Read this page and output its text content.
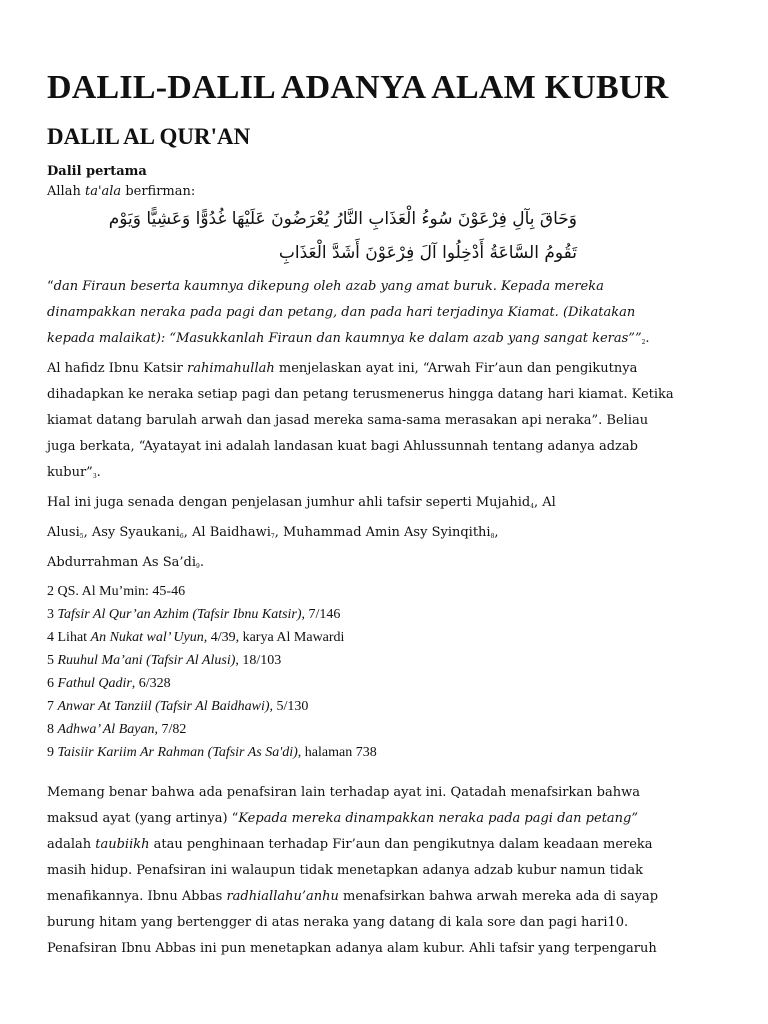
DALIL-DALIL ADANYA ALAM KUBUR
DALIL AL QUR'AN
Dalil pertama
Allah ta'ala berfirman:
وَحَاقَ بِآلِ فِرْعَوْنَ سُوءُ الْعَذَابِ النَّارُ يُعْرَضُونَ عَلَيْهَا غُدُوًّا وَعَشِيًّا وَيَوْم
تَقُومُ السَّاعَةُ أَدْخِلُوا آلَ فِرْعَوْنَ أَشَدَّ الْعَذَابِ
“dan Firaun beserta kaumnya dikepung oleh azab yang amat buruk. Kepada mereka dinampakkan neraka pada pagi dan petang, dan pada hari terjadinya Kiamat. (Dikatakan kepada malaikat): “Masukkanlah Firaun dan kaumnya ke dalam azab yang sangat keras””2.
Al hafidz Ibnu Katsir rahimahullah menjelaskan ayat ini, “Arwah Fir’aun dan pengikutnya dihadapkan ke neraka setiap pagi dan petang terusmenerus hingga datang hari kiamat. Ketika kiamat datang barulah arwah dan jasad mereka sama-sama merasakan api neraka”. Beliau juga berkata, “Ayatayat ini adalah landasan kuat bagi Ahlussunnah tentang adanya adzab kubur”3.
Hal ini juga senada dengan penjelasan jumhur ahli tafsir seperti Mujahid4, Al
Alusi5, Asy Syaukani6, Al Baidhawi7, Muhammad Amin Asy Syinqithi8,
Abdurrahman As Sa’di9.
2 QS. Al Mu’min: 45-46
3 Tafsir Al Qur’an Azhim (Tafsir Ibnu Katsir), 7/146
4 Lihat An Nukat wal’ Uyun, 4/39, karya Al Mawardi
5 Ruuhul Ma’ani (Tafsir Al Alusi), 18/103
6 Fathul Qadir, 6/328
7 Anwar At Tanziil (Tafsir Al Baidhawi), 5/130
8 Adhwa’ Al Bayan, 7/82
9 Taisiir Kariim Ar Rahman (Tafsir As Sa'di), halaman 738
Memang benar bahwa ada penafsiran lain terhadap ayat ini. Qatadah menafsirkan bahwa maksud ayat (yang artinya) “Kepada mereka dinampakkan neraka pada pagi dan petang” adalah taubiikh atau penghinaan terhadap Fir’aun dan pengikutnya dalam keadaan mereka masih hidup. Penafsiran ini walaupun tidak menetapkan adanya adzab kubur namun tidak menafikannya. Ibnu Abbas radhiallahu’anhu menafsirkan bahwa arwah mereka ada di sayap burung hitam yang bertengger di atas neraka yang datang di kala sore dan pagi hari10. Penafsiran Ibnu Abbas ini pun menetapkan adanya alam kubur. Ahli tafsir yang terpengaruh
